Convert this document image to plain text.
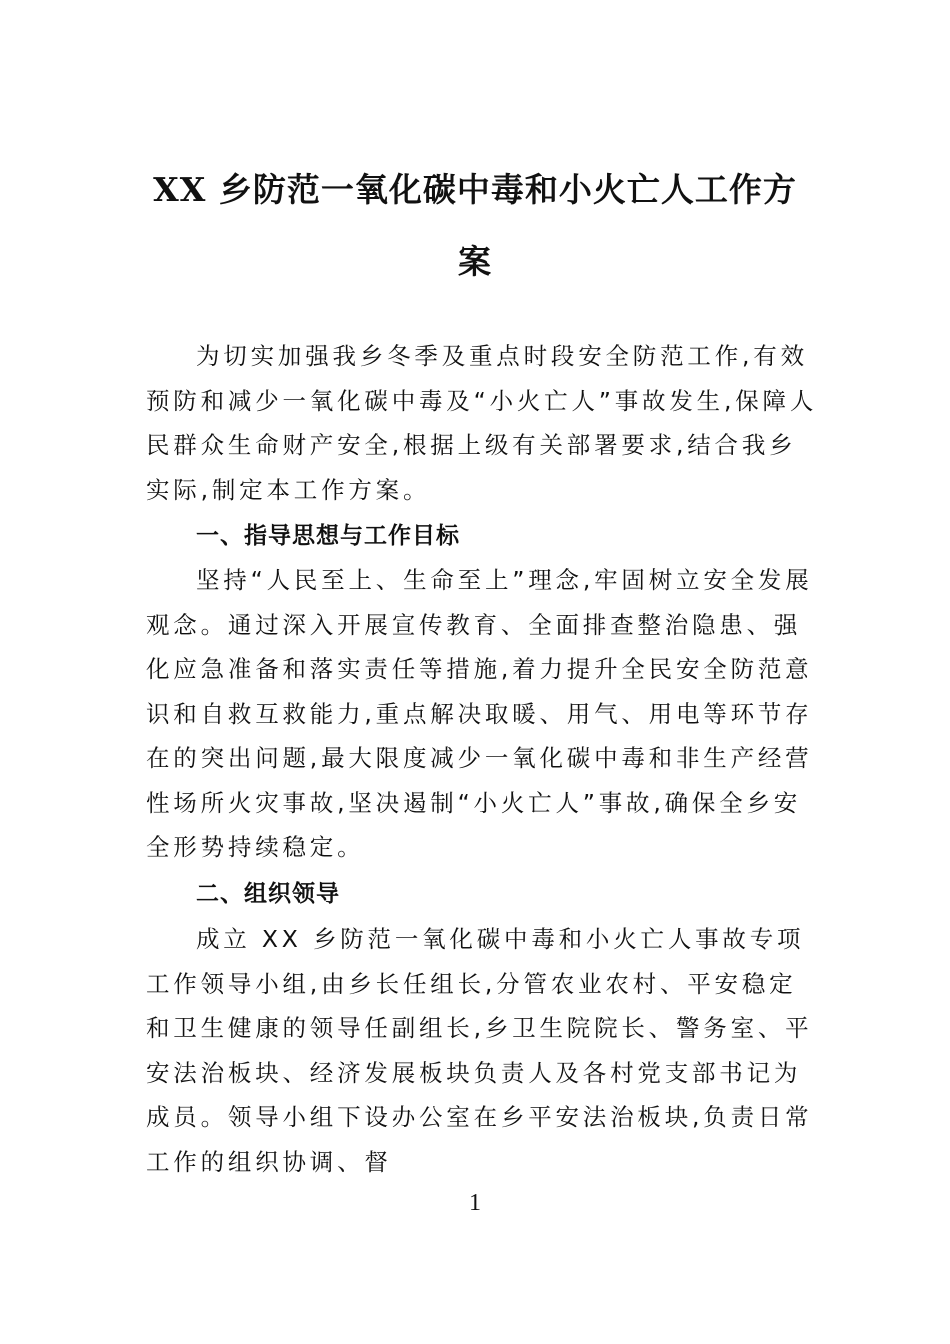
XX 乡防范一氧化碳中毒和小火亡人工作方
案

为切实加强我乡冬季及重点时段安全防范工作,有效预防和减少一氧化碳中毒及“小火亡人”事故发生,保障人民群众生命财产安全,根据上级有关部署要求,结合我乡实际,制定本工作方案。

一、指导思想与工作目标

坚持“人民至上、生命至上”理念,牢固树立安全发展观念。通过深入开展宣传教育、全面排查整治隐患、强化应急准备和落实责任等措施,着力提升全民安全防范意识和自救互救能力,重点解决取暖、用气、用电等环节存在的突出问题,最大限度减少一氧化碳中毒和非生产经营性场所火灾事故,坚决遏制“小火亡人”事故,确保全乡安全形势持续稳定。

二、组织领导

成立 XX 乡防范一氧化碳中毒和小火亡人事故专项工作领导小组,由乡长任组长,分管农业农村、平安稳定和卫生健康的领导任副组长,乡卫生院院长、警务室、平安法治板块、经济发展板块负责人及各村党支部书记为成员。领导小组下设办公室在乡平安法治板块,负责日常工作的组织协调、督

1
